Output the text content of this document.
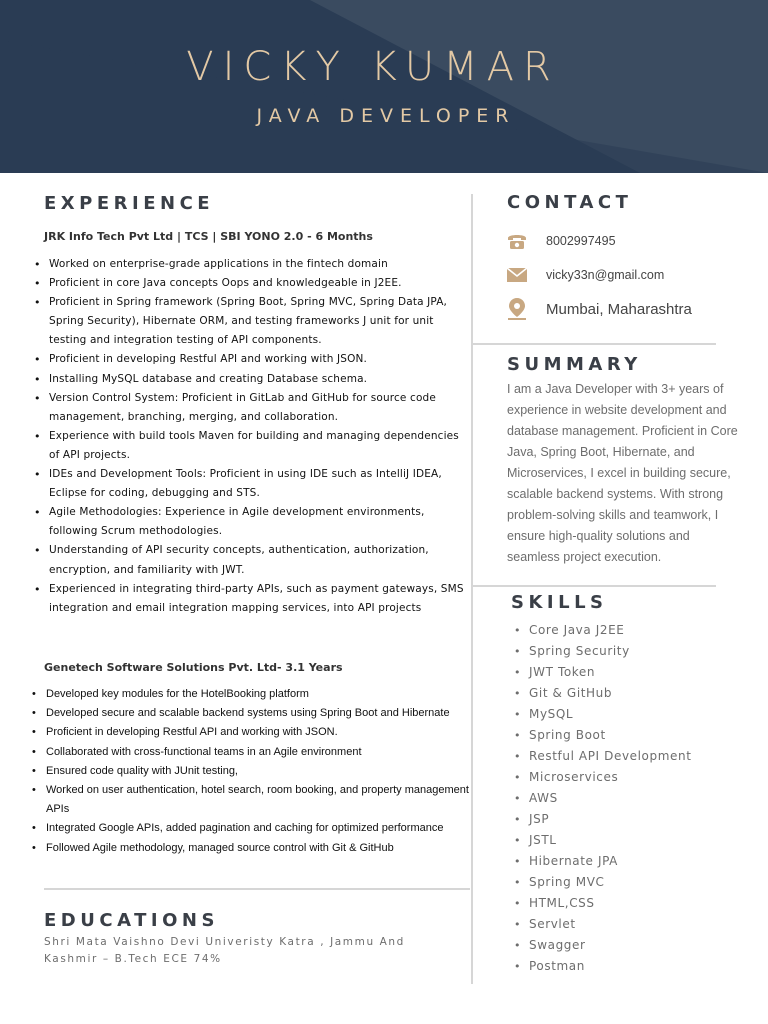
VICKY KUMAR
JAVA DEVELOPER
EXPERIENCE
JRK Info Tech Pvt Ltd | TCS | SBI YONO 2.0 - 6 Months
• Worked on enterprise-grade applications in the fintech domain
• Proficient in core Java concepts Oops and knowledgeable in J2EE.
• Proficient in Spring framework (Spring Boot, Spring MVC, Spring Data JPA, Spring Security), Hibernate ORM, and testing frameworks J unit for unit testing and integration testing of API components.
• Proficient in developing Restful API and working with JSON.
• Installing MySQL database and creating Database schema.
• Version Control System: Proficient in GitLab and GitHub for source code management, branching, merging, and collaboration.
• Experience with build tools Maven for building and managing dependencies of API projects.
• IDEs and Development Tools: Proficient in using IDE such as IntelliJ IDEA, Eclipse for coding, debugging and STS.
• Agile Methodologies: Experience in Agile development environments, following Scrum methodologies.
• Understanding of API security concepts, authentication, authorization, encryption, and familiarity with JWT.
• Experienced in integrating third-party APIs, such as payment gateways, SMS integration and email integration mapping services, into API projects
Genetech Software Solutions Pvt. Ltd- 3.1 Years
• Developed key modules for the HotelBooking platform
• Developed secure and scalable backend systems using Spring Boot and Hibernate
• Proficient in developing Restful API and working with JSON.
• Collaborated with cross-functional teams in an Agile environment
• Ensured code quality with JUnit testing,
• Worked on user authentication, hotel search, room booking, and property management APIs
• Integrated Google APIs, added pagination and caching for optimized performance
• Followed Agile methodology, managed source control with Git & GitHub
EDUCATIONS
Shri Mata Vaishno Devi Univeristy Katra , Jammu And Kashmir – B.Tech ECE 74%
CONTACT
8002997495
vicky33n@gmail.com
Mumbai, Maharashtra
SUMMARY
I am a Java Developer with 3+ years of experience in website development and database management. Proficient in Core Java, Spring Boot, Hibernate, and Microservices, I excel in building secure, scalable backend systems. With strong problem-solving skills and teamwork, I ensure high-quality solutions and seamless project execution.
SKILLS
• Core Java J2EE
• Spring Security
• JWT Token
• Git & GitHub
• MySQL
• Spring Boot
• Restful API Development
• Microservices
• AWS
• JSP
• JSTL
• Hibernate JPA
• Spring MVC
• HTML,CSS
• Servlet
• Swagger
• Postman
